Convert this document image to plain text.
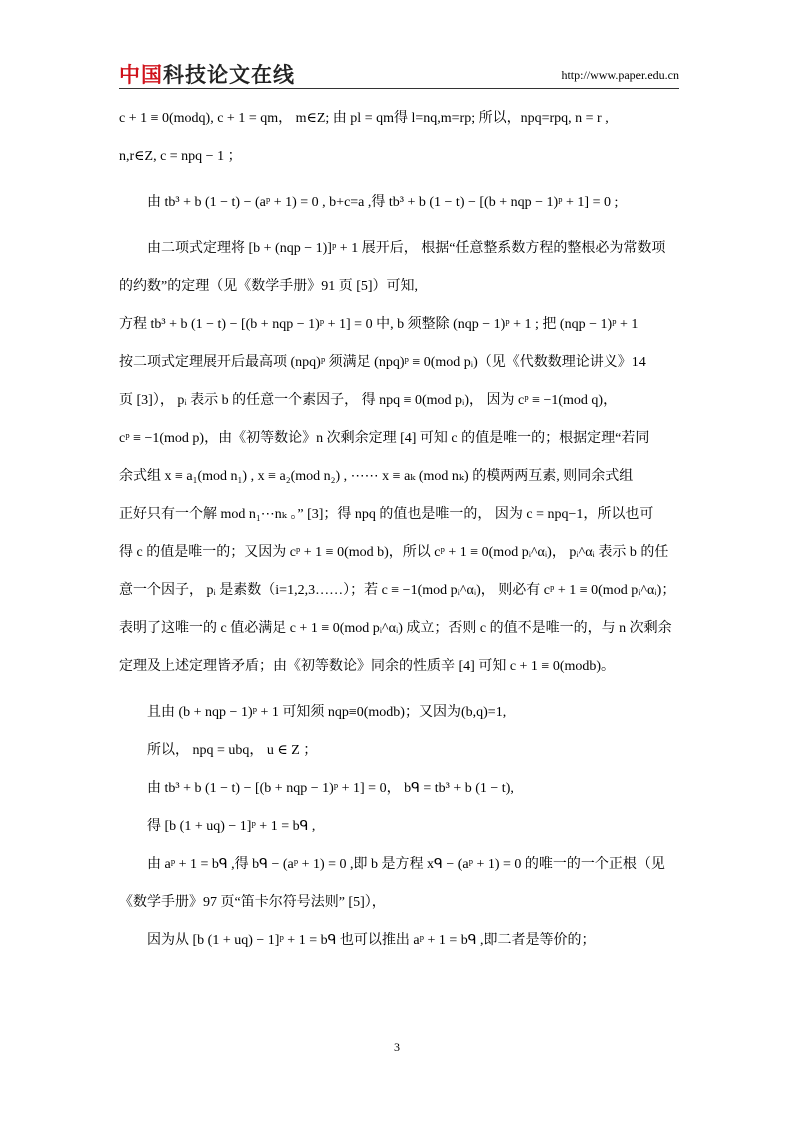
中国科技论文在线	http://www.paper.edu.cn
c + 1 ≡ 0(modq), c + 1 = qm， m∈Z; 由 pl = qm得 l=nq,m=rp; 所以，npq=rpq, n = r ,
n,r∈Z, c = npq − 1 ；
由 tb³ + b (1 − t) − (aᵖ + 1) = 0 , b+c=a ,得 tb³ + b (1 − t) − [(b + nqp − 1)ᵖ + 1] = 0 ;
由二项式定理将 [b + (nqp − 1)]ᵖ + 1 展开后， 根据“任意整系数方程的整根必为常数项
的约数”的定理（见《数学手册》91 页 [5]）可知,
方程 tb³ + b (1 − t) − [(b + nqp − 1)ᵖ + 1] = 0 中, b 须整除 (nqp − 1)ᵖ + 1 ; 把 (nqp − 1)ᵖ + 1
按二项式定理展开后最高项 (npq)ᵖ 须满足 (npq)ᵖ ≡ 0(mod pᵢ)（见《代数数理论讲义》14
页 [3]）， pᵢ 表示 b 的任意一个素因子， 得 npq ≡ 0(mod pᵢ)， 因为 cᵖ ≡ −1(mod q)，
cᵖ ≡ −1(mod p)，由《初等数论》n 次剩余定理 [4] 可知 c 的值是唯一的；根据定理“若同
余式组 x ≡ a₁(mod n₁) , x ≡ a₂(mod n₂) , ⋯⋯ x ≡ aₖ (mod nₖ) 的模两两互素, 则同余式组
正好只有一个解 mod n₁⋯nₖ 。” [3]；得 npq 的值也是唯一的， 因为 c = npq−1，所以也可
得 c 的值是唯一的；又因为 cᵖ + 1 ≡ 0(mod b)，所以 cᵖ + 1 ≡ 0(mod pᵢ^αᵢ)， pᵢ^αᵢ 表示 b 的任
意一个因子， pᵢ 是素数（i=1,2,3……）；若 c ≡ −1(mod pᵢ^αᵢ)， 则必有 cᵖ + 1 ≡ 0(mod pᵢ^αᵢ)；
表明了这唯一的 c 值必满足 c + 1 ≡ 0(mod pᵢ^αᵢ) 成立；否则 c 的值不是唯一的，与 n 次剩余
定理及上述定理皆矛盾；由《初等数论》同余的性质辛 [4] 可知 c + 1 ≡ 0(modb)。
且由 (b + nqp − 1)ᵖ + 1 可知须 nqp≡0(modb)；又因为(b,q)=1,
所以， npq = ubq， u ∈ Z ；
由 tb³ + b (1 − t) − [(b + nqp − 1)ᵖ + 1] = 0， bᑫ = tb³ + b (1 − t),
得 [b (1 + uq) − 1]ᵖ + 1 = bᑫ ,
由 aᵖ + 1 = bᑫ ,得 bᑫ − (aᵖ + 1) = 0 ,即 b 是方程 xᑫ − (aᵖ + 1) = 0 的唯一的一个正根（见
《数学手册》97 页“笛卡尔符号法则” [5]），
因为从 [b (1 + uq) − 1]ᵖ + 1 = bᑫ 也可以推出 aᵖ + 1 = bᑫ ,即二者是等价的；
3
